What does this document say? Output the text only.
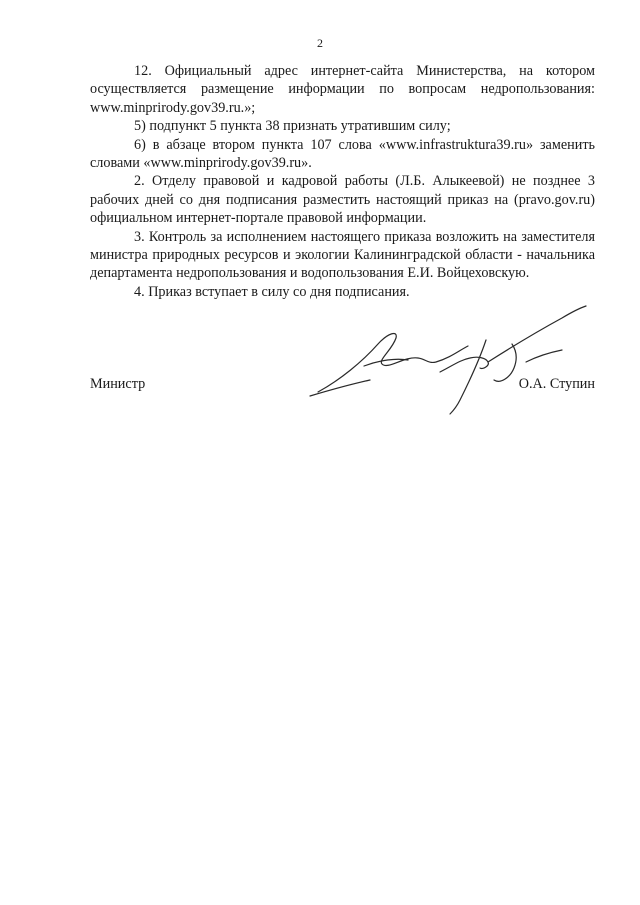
2

12. Официальный адрес интернет-сайта Министерства, на котором осуществляется размещение информации по вопросам недропользования: www.minprirody.gov39.ru.»;

5) подпункт 5 пункта 38 признать утратившим силу;

6) в абзаце втором пункта 107 слова «www.infrastruktura39.ru» заменить словами «www.minprirody.gov39.ru».

2. Отделу правовой и кадровой работы (Л.Б. Алыкеевой) не позднее 3 рабочих дней со дня подписания разместить настоящий приказ на (pravo.gov.ru) официальном интернет-портале правовой информации.

3. Контроль за исполнением настоящего приказа возложить на заместителя министра природных ресурсов и экологии Калининградской области - начальника департамента недропользования и водопользования Е.И. Войцеховскую.

4. Приказ вступает в силу со дня подписания.

Министр	О.А. Ступин
